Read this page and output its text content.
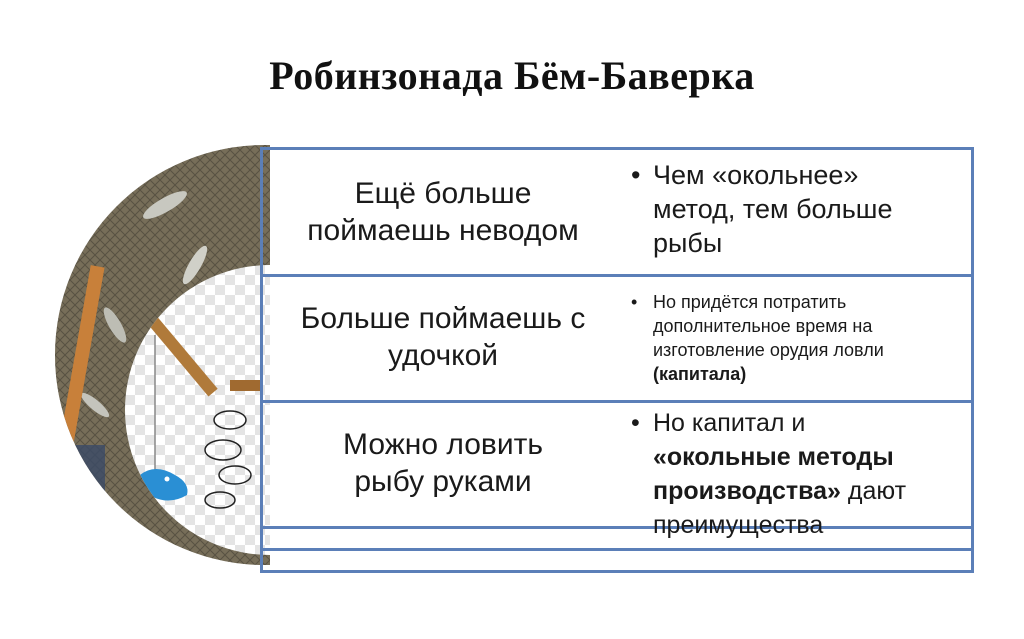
Робинзонада Бём-Баверка
Ещё больше
поймаешь неводом
Больше поймаешь с
удочкой
Можно ловить
рыбу руками
• Чем «окольнее»
метод, тем больше
рыбы
• Но придётся потратить
дополнительное время на
изготовление орудия ловли
(капитала)
• Но капитал и
«окольные методы
производства» дают
преимущества
